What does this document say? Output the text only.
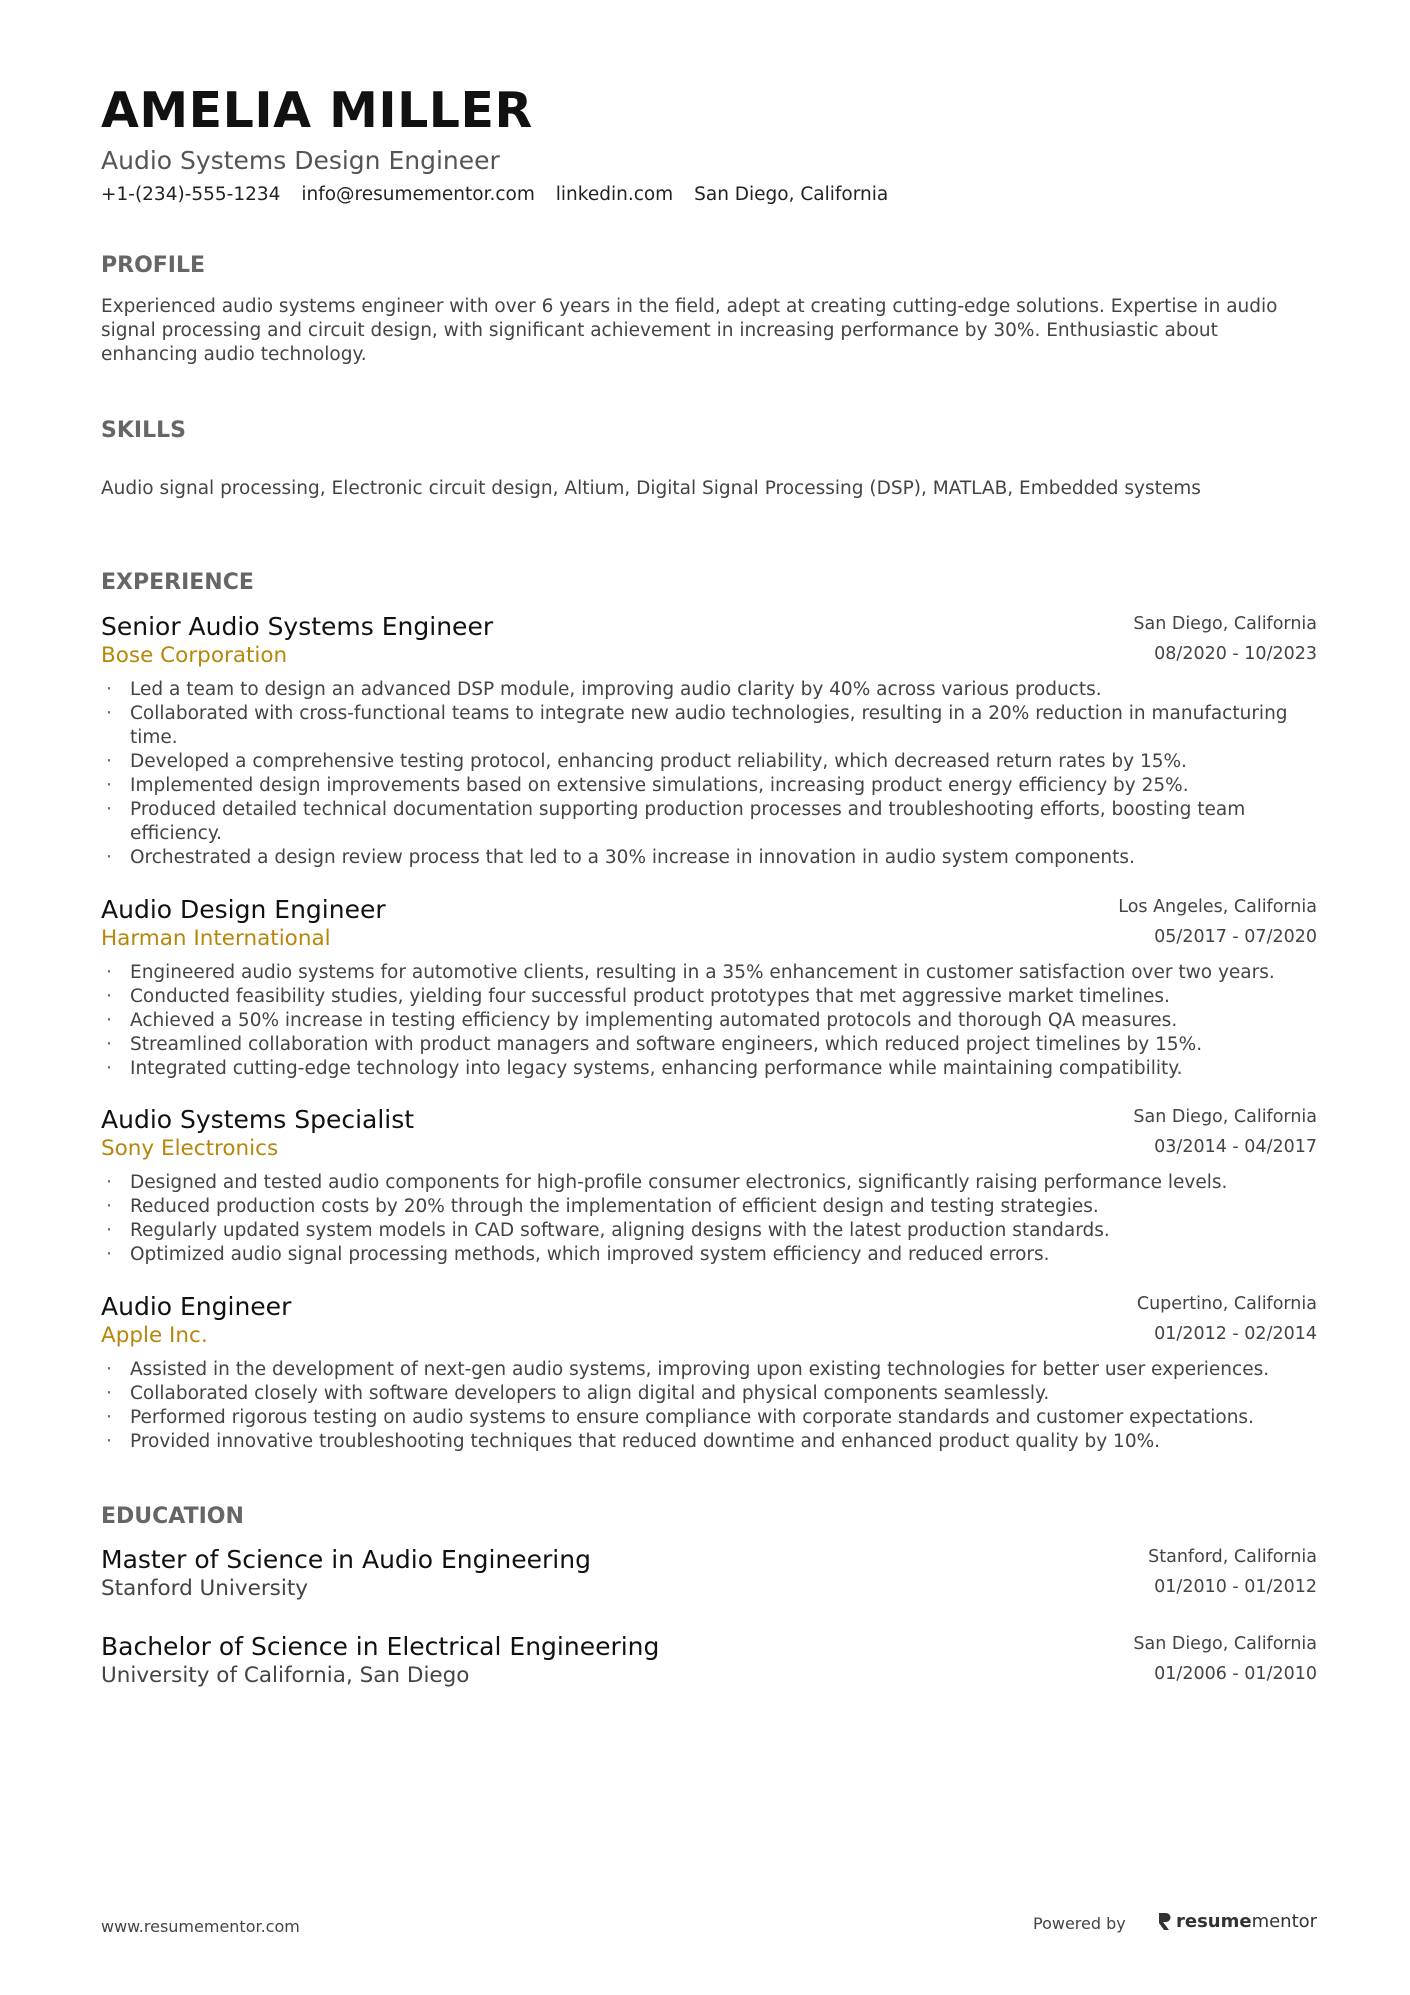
AMELIA MILLER
Audio Systems Design Engineer
+1-(234)-555-1234 info@resumementor.com linkedin.com San Diego, California
PROFILE
Experienced audio systems engineer with over 6 years in the field, adept at creating cutting-edge solutions. Expertise in audio signal processing and circuit design, with significant achievement in increasing performance by 30%. Enthusiastic about enhancing audio technology.
SKILLS
Audio signal processing, Electronic circuit design, Altium, Digital Signal Processing (DSP), MATLAB, Embedded systems
EXPERIENCE
Senior Audio Systems Engineer
Bose Corporation
San Diego, California
08/2020 - 10/2023
· Led a team to design an advanced DSP module, improving audio clarity by 40% across various products.
· Collaborated with cross-functional teams to integrate new audio technologies, resulting in a 20% reduction in manufacturing time.
· Developed a comprehensive testing protocol, enhancing product reliability, which decreased return rates by 15%.
· Implemented design improvements based on extensive simulations, increasing product energy efficiency by 25%.
· Produced detailed technical documentation supporting production processes and troubleshooting efforts, boosting team efficiency.
· Orchestrated a design review process that led to a 30% increase in innovation in audio system components.
Audio Design Engineer
Harman International
Los Angeles, California
05/2017 - 07/2020
· Engineered audio systems for automotive clients, resulting in a 35% enhancement in customer satisfaction over two years.
· Conducted feasibility studies, yielding four successful product prototypes that met aggressive market timelines.
· Achieved a 50% increase in testing efficiency by implementing automated protocols and thorough QA measures.
· Streamlined collaboration with product managers and software engineers, which reduced project timelines by 15%.
· Integrated cutting-edge technology into legacy systems, enhancing performance while maintaining compatibility.
Audio Systems Specialist
Sony Electronics
San Diego, California
03/2014 - 04/2017
· Designed and tested audio components for high-profile consumer electronics, significantly raising performance levels.
· Reduced production costs by 20% through the implementation of efficient design and testing strategies.
· Regularly updated system models in CAD software, aligning designs with the latest production standards.
· Optimized audio signal processing methods, which improved system efficiency and reduced errors.
Audio Engineer
Apple Inc.
Cupertino, California
01/2012 - 02/2014
· Assisted in the development of next-gen audio systems, improving upon existing technologies for better user experiences.
· Collaborated closely with software developers to align digital and physical components seamlessly.
· Performed rigorous testing on audio systems to ensure compliance with corporate standards and customer expectations.
· Provided innovative troubleshooting techniques that reduced downtime and enhanced product quality by 10%.
EDUCATION
Master of Science in Audio Engineering
Stanford University
Stanford, California
01/2010 - 01/2012
Bachelor of Science in Electrical Engineering
University of California, San Diego
San Diego, California
01/2006 - 01/2010
www.resumementor.com	Powered by	resume mentor
